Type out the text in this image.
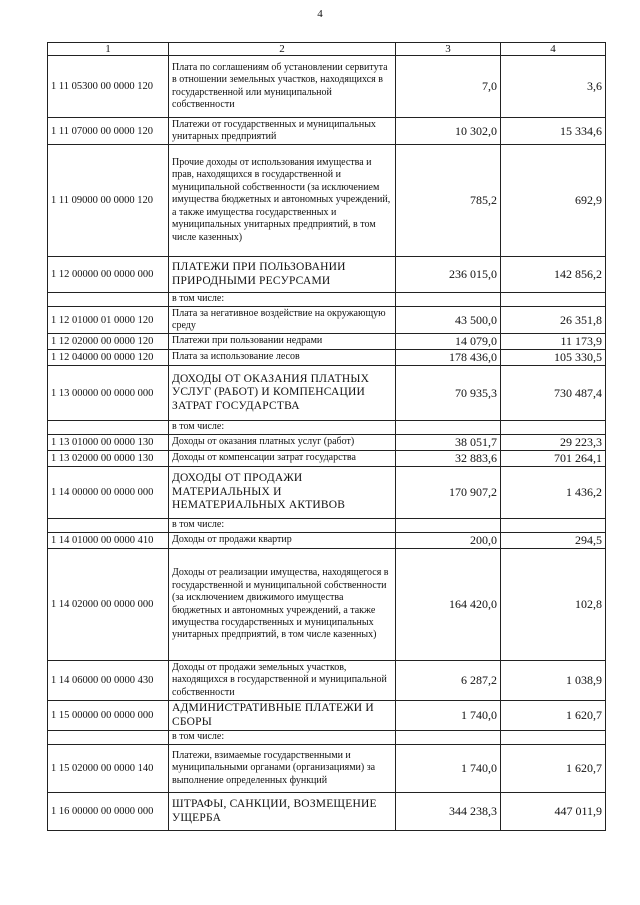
4
1	2	3	4
1 11 05300 00 0000 120	Плата по соглашениям об установлении сервитута в отношении земельных участков, находящихся в государственной или муниципальной собственности	7,0	3,6
1 11 07000 00 0000 120	Платежи от государственных и муниципальных унитарных предприятий	10 302,0	15 334,6
1 11 09000 00 0000 120	Прочие доходы от использования имущества и прав, находящихся в государственной и муниципальной собственности (за исключением имущества бюджетных и автономных учреждений, а также имущества государственных и муниципальных унитарных предприятий, в том числе казенных)	785,2	692,9
1 12 00000 00 0000 000	ПЛАТЕЖИ ПРИ ПОЛЬЗОВАНИИ ПРИРОДНЫМИ РЕСУРСАМИ	236 015,0	142 856,2
	в том числе:		
1 12 01000 01 0000 120	Плата за негативное воздействие на окружающую среду	43 500,0	26 351,8
1 12 02000 00 0000 120	Платежи при пользовании недрами	14 079,0	11 173,9
1 12 04000 00 0000 120	Плата за использование лесов	178 436,0	105 330,5
1 13 00000 00 0000 000	ДОХОДЫ ОТ ОКАЗАНИЯ ПЛАТНЫХ УСЛУГ (РАБОТ) И КОМПЕНСАЦИИ ЗАТРАТ ГОСУДАРСТВА	70 935,3	730 487,4
	в том числе:		
1 13 01000 00 0000 130	Доходы от оказания платных услуг (работ)	38 051,7	29 223,3
1 13 02000 00 0000 130	Доходы от компенсации затрат государства	32 883,6	701 264,1
1 14 00000 00 0000 000	ДОХОДЫ ОТ ПРОДАЖИ МАТЕРИАЛЬНЫХ И НЕМАТЕРИАЛЬНЫХ АКТИВОВ	170 907,2	1 436,2
	в том числе:		
1 14 01000 00 0000 410	Доходы от продажи квартир	200,0	294,5
1 14 02000 00 0000 000	Доходы от реализации имущества, находящегося в государственной и муниципальной собственности (за исключением движимого имущества бюджетных и автономных учреждений, а также имущества государственных и муниципальных унитарных предприятий, в том числе казенных)	164 420,0	102,8
1 14 06000 00 0000 430	Доходы от продажи земельных участков, находящихся в государственной и муниципальной собственности	6 287,2	1 038,9
1 15 00000 00 0000 000	АДМИНИСТРАТИВНЫЕ ПЛАТЕЖИ И СБОРЫ	1 740,0	1 620,7
	в том числе:		
1 15 02000 00 0000 140	Платежи, взимаемые государственными и муниципальными органами (организациями) за выполнение определенных функций	1 740,0	1 620,7
1 16 00000 00 0000 000	ШТРАФЫ, САНКЦИИ, ВОЗМЕЩЕНИЕ УЩЕРБА	344 238,3	447 011,9
